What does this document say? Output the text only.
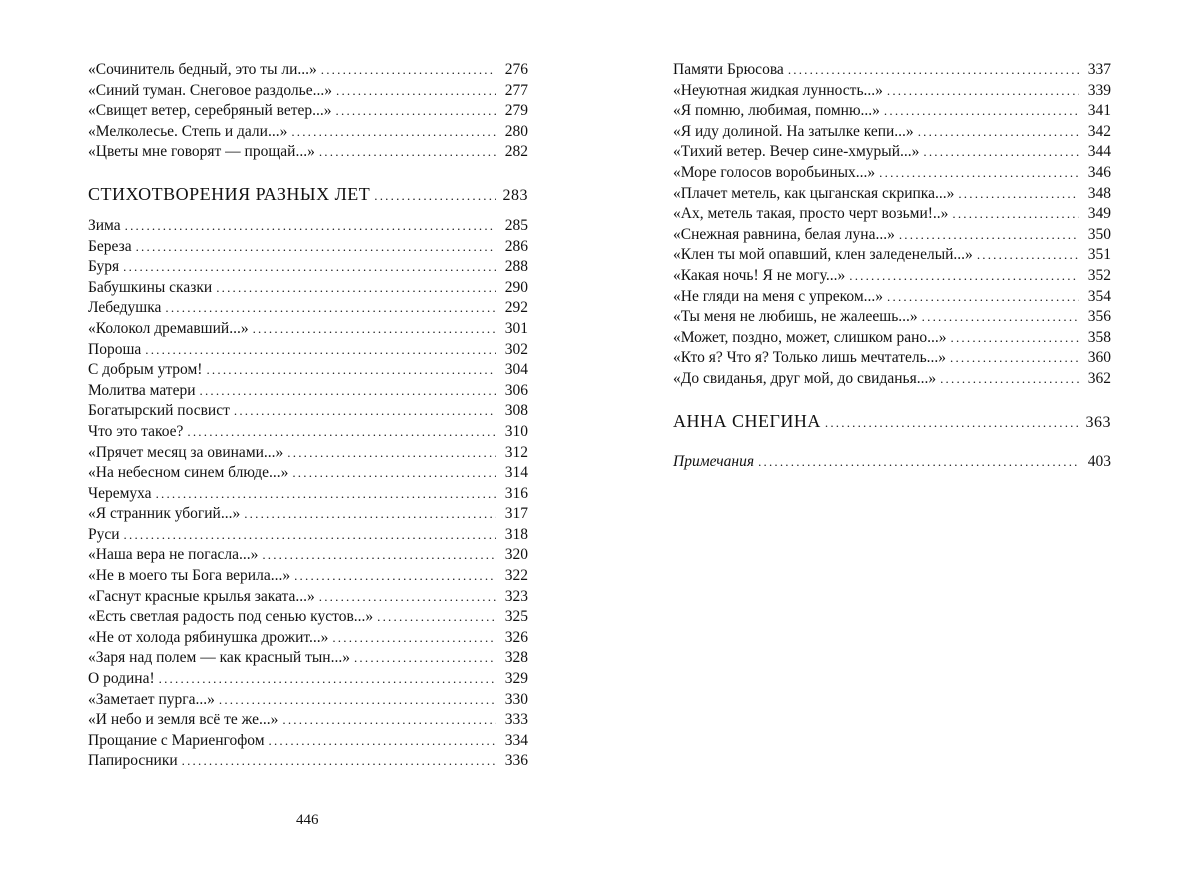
«Сочинитель бедный, это ты ли...» .....	276
«Синий туман. Снеговое раздолье...» .....	277
«Свищет ветер, серебряный ветер...» .....	279
«Мелколесье. Степь и дали...» .....	280
«Цветы мне говорят — прощай...» .....	282
СТИХОТВОРЕНИЯ РАЗНЫХ ЛЕТ .....	283
Зима .....	285
Береза .....	286
Буря .....	288
Бабушкины сказки .....	290
Лебедушка .....	292
«Колокол дремавший...» .....	301
Пороша .....	302
С добрым утром! .....	304
Молитва матери .....	306
Богатырский посвист .....	308
Что это такое? .....	310
«Прячет месяц за овинами...» .....	312
«На небесном синем блюде...» .....	314
Черемуха .....	316
«Я странник убогий...» .....	317
Руси .....	318
«Наша вера не погасла...» .....	320
«Не в моего ты Бога верила...» .....	322
«Гаснут красные крылья заката...» .....	323
«Есть светлая радость под сенью кустов...» .....	325
«Не от холода рябинушка дрожит...» .....	326
«Заря над полем — как красный тын...» .....	328
О родина! .....	329
«Заметает пурга...» .....	330
«И небо и земля всё те же...» .....	333
Прощание с Мариенгофом .....	334
Папиросники .....	336
446
Памяти Брюсова .....	337
«Неуютная жидкая лунность...» .....	339
«Я помню, любимая, помню...» .....	341
«Я иду долиной. На затылке кепи...» .....	342
«Тихий ветер. Вечер сине-хмурый...» .....	344
«Море голосов воробьиных...» .....	346
«Плачет метель, как цыганская скрипка...» .....	348
«Ах, метель такая, просто черт возьми!..» .....	349
«Снежная равнина, белая луна...» .....	350
«Клен ты мой опавший, клен заледенелый...» .....	351
«Какая ночь! Я не могу...» .....	352
«Не гляди на меня с упреком...» .....	354
«Ты меня не любишь, не жалеешь...» .....	356
«Может, поздно, может, слишком рано...» .....	358
«Кто я? Что я? Только лишь мечтатель...» .....	360
«До свиданья, друг мой, до свиданья...» .....	362
АННА СНЕГИНА .....	363
Примечания .....	403
